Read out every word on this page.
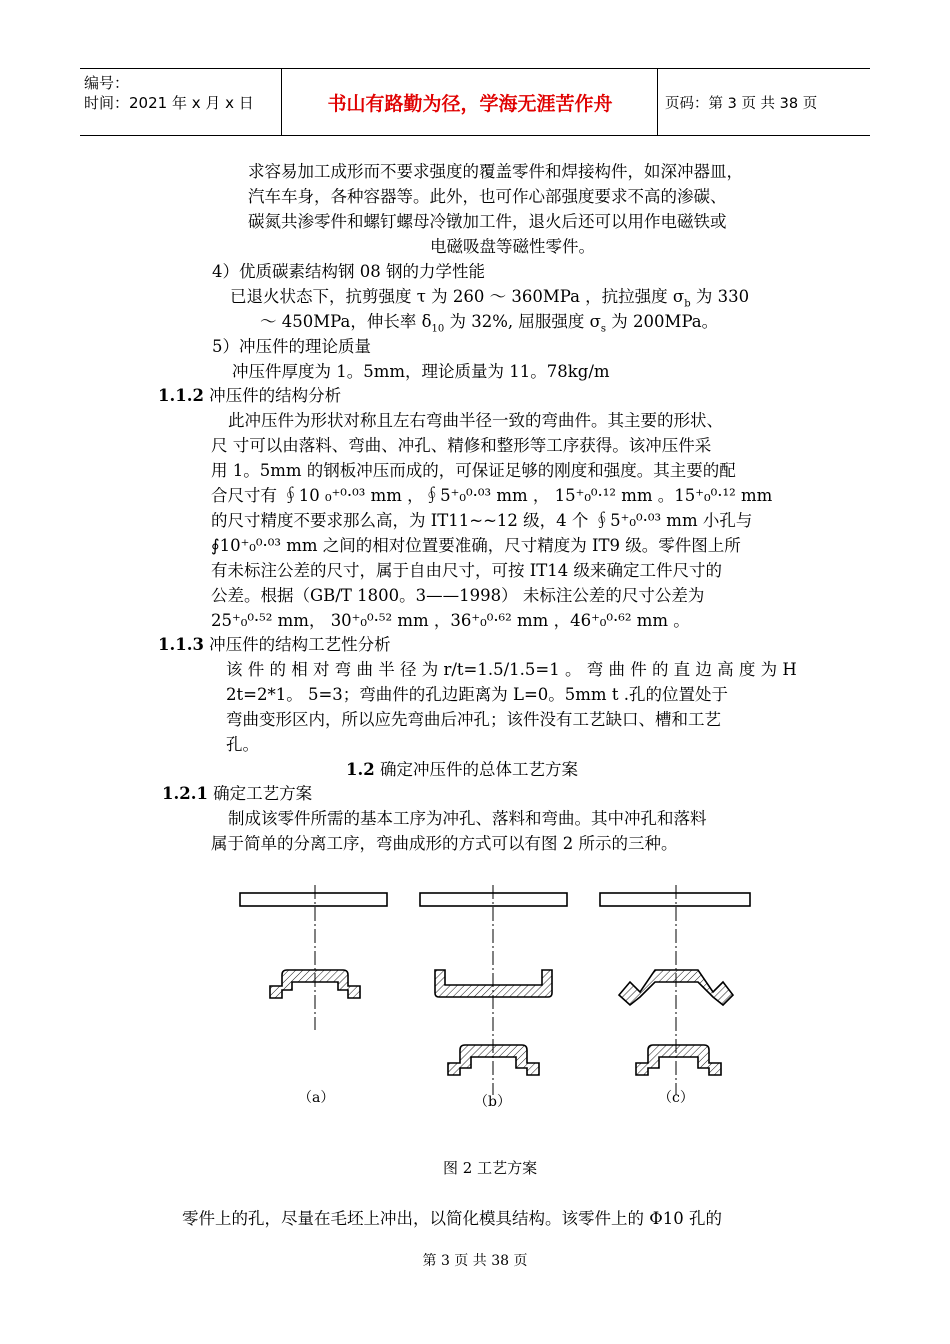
编号：
时间：2021 年 x 月 x 日	书山有路勤为径，学海无涯苦作舟	页码：第 3 页 共 38 页
求容易加工成形而不要求强度的覆盖零件和焊接构件，如深冲器皿，
汽车车身，各种容器等。此外，也可作心部强度要求不高的渗碳、
碳氮共渗零件和螺钉螺母冷镦加工件，退火后还可以用作电磁铁或
电磁吸盘等磁性零件。
4）优质碳素结构钢 08 钢的力学性能
已退火状态下，抗剪强度 τ 为 260 ～ 360MPa ，抗拉强度 $\sigma_b$ 为 330
～ 450MPa，伸长率 $\delta_{10}$ 为 32%, 屈服强度 $\sigma_s$ 为 200MPa。
5）冲压件的理论质量
冲压件厚度为 1。5mm，理论质量为 11。78kg/m
1.1.2 冲压件的结构分析
此冲压件为形状对称且左右弯曲半径一致的弯曲件。其主要的形状、
尺 寸可以由落料、弯曲、冲孔、精修和整形等工序获得。该冲压件采
用 1。5mm 的钢板冲压而成的，可保证足够的刚度和强度。其主要的配
合尺寸有 ∮10 ₀⁺⁰·⁰³ mm ，∮5⁺₀⁰·⁰³ mm ， 15⁺₀⁰·¹² mm 。15⁺₀⁰·¹² mm
的尺寸精度不要求那么高，为 IT11~~12 级，4 个 ∮5⁺₀⁰·⁰³ mm 小孔与
∮10⁺₀⁰·⁰³ mm 之间的相对位置要准确，尺寸精度为 IT9 级。零件图上所
有未标注公差的尺寸，属于自由尺寸，可按 IT14 级来确定工件尺寸的
公差。根据（GB/T 1800。3——1998） 未标注公差的尺寸公差为
25⁺₀⁰·⁵² mm， 30⁺₀⁰·⁵² mm ，36⁺₀⁰·⁶² mm ，46⁺₀⁰·⁶² mm 。
1.1.3 冲压件的结构工艺性分析
该 件 的 相 对 弯 曲 半 径 为 r/t=1.5/1.5=1 。 弯 曲 件 的 直 边 高 度 为 H
2t=2*1。 5=3；弯曲件的孔边距离为 L=0。5mm t .孔的位置处于
弯曲变形区内，所以应先弯曲后冲孔；该件没有工艺缺口、槽和工艺
孔。
1.2 确定冲压件的总体工艺方案
1.2.1 确定工艺方案
制成该零件所需的基本工序为冲孔、落料和弯曲。其中冲孔和落料
属于简单的分离工序，弯曲成形的方式可以有图 2 所示的三种。
（a）	（b）	（c）
图 2 工艺方案
零件上的孔，尽量在毛坯上冲出，以简化模具结构。该零件上的 Φ10 孔的
第 3 页 共 38 页
